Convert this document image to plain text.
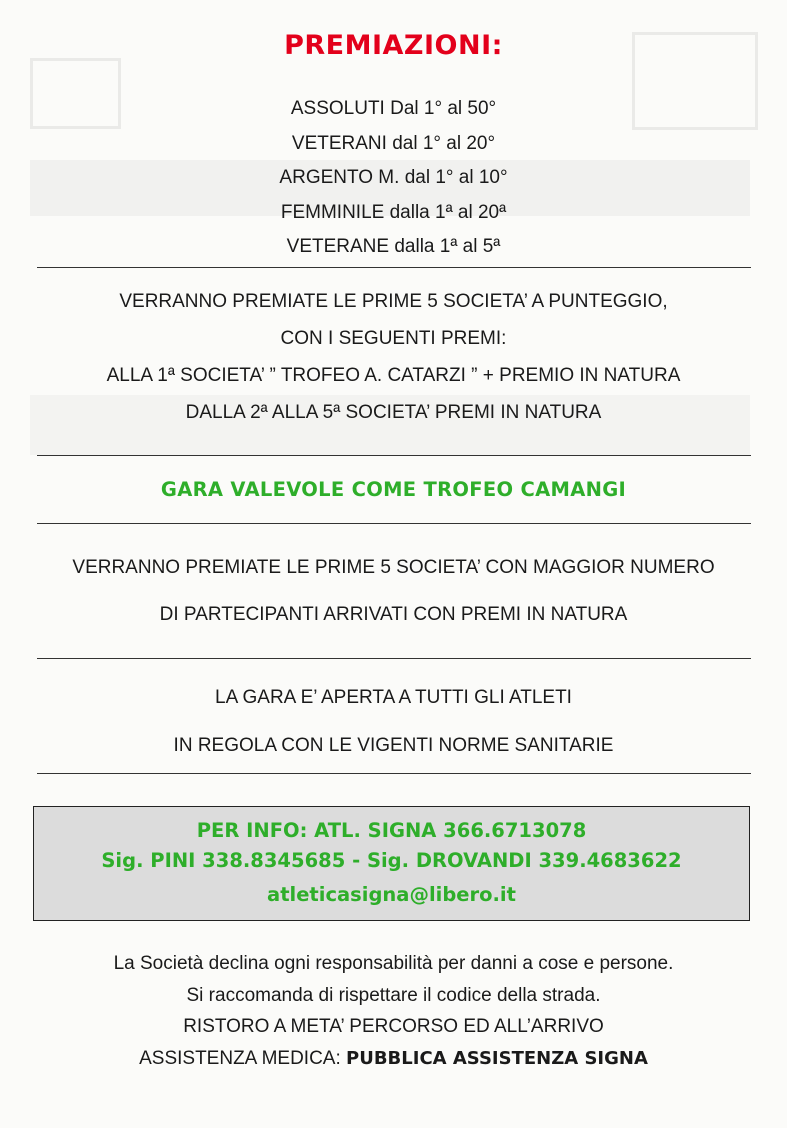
PREMIAZIONI:
ASSOLUTI Dal 1° al 50°
VETERANI dal 1° al 20°
ARGENTO M. dal 1° al 10°
FEMMINILE dalla 1ª al 20ª
VETERANE dalla 1ª al 5ª
VERRANNO PREMIATE LE PRIME 5 SOCIETA’ A PUNTEGGIO,
CON I SEGUENTI PREMI:
ALLA 1ª SOCIETA’ ” TROFEO A. CATARZI ” + PREMIO IN NATURA
DALLA 2ª ALLA 5ª SOCIETA’ PREMI IN NATURA
GARA VALEVOLE COME TROFEO CAMANGI
VERRANNO PREMIATE LE PRIME 5 SOCIETA’ CON MAGGIOR NUMERO
DI PARTECIPANTI ARRIVATI CON PREMI IN NATURA
LA GARA E’ APERTA A TUTTI GLI ATLETI
IN REGOLA CON LE VIGENTI NORME SANITARIE
PER INFO: ATL. SIGNA 366.6713078
Sig. PINI 338.8345685 - Sig. DROVANDI 339.4683622
atleticasigna@libero.it
La Società declina ogni responsabilità per danni a cose e persone.
Si raccomanda di rispettare il codice della strada.
RISTORO A META’ PERCORSO ED ALL’ARRIVO
ASSISTENZA MEDICA: PUBBLICA ASSISTENZA SIGNA
